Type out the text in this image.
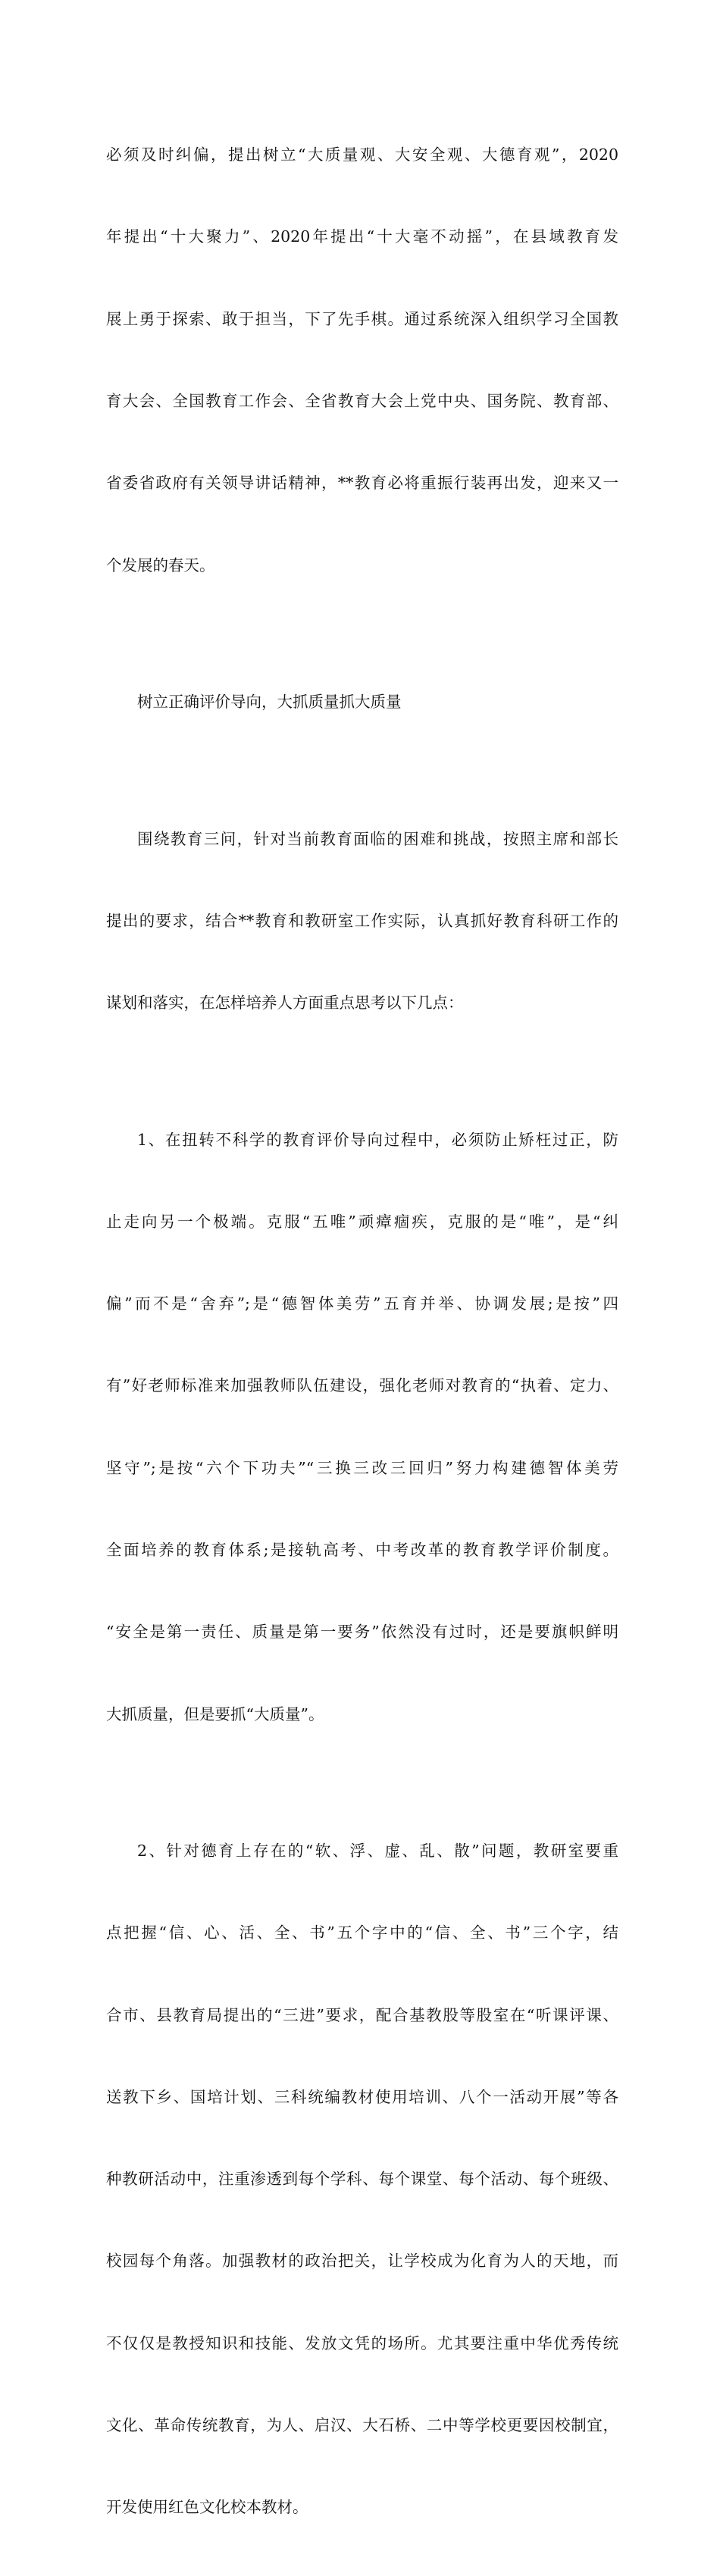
必须及时纠偏，提出树立“大质量观、大安全观、大德育观”，2020

年提出“十大聚力”、2020年提出“十大毫不动摇”，在县域教育发

展上勇于探索、敢于担当，下了先手棋。通过系统深入组织学习全国教

育大会、全国教育工作会、全省教育大会上党中央、国务院、教育部、

省委省政府有关领导讲话精神，**教育必将重振行装再出发，迎来又一

个发展的春天。

树立正确评价导向，大抓质量抓大质量

围绕教育三问，针对当前教育面临的困难和挑战，按照主席和部长

提出的要求，结合**教育和教研室工作实际，认真抓好教育科研工作的

谋划和落实，在怎样培养人方面重点思考以下几点：

1、在扭转不科学的教育评价导向过程中，必须防止矫枉过正，防

止走向另一个极端。克服“五唯”顽瘴痼疾，克服的是“唯”，是“纠

偏”而不是“舍弃”;是“德智体美劳”五育并举、协调发展;是按”四

有”好老师标准来加强教师队伍建设，强化老师对教育的“执着、定力、

坚守”;是按“六个下功夫”“三换三改三回归”努力构建德智体美劳

全面培养的教育体系;是接轨高考、中考改革的教育教学评价制度。

“安全是第一责任、质量是第一要务”依然没有过时，还是要旗帜鲜明

大抓质量，但是要抓“大质量”。

2、针对德育上存在的“软、浮、虚、乱、散”问题，教研室要重

点把握“信、心、活、全、书”五个字中的“信、全、书”三个字，结

合市、县教育局提出的“三进”要求，配合基教股等股室在“听课评课、

送教下乡、国培计划、三科统编教材使用培训、八个一活动开展”等各

种教研活动中，注重渗透到每个学科、每个课堂、每个活动、每个班级、

校园每个角落。加强教材的政治把关，让学校成为化育为人的天地，而

不仅仅是教授知识和技能、发放文凭的场所。尤其要注重中华优秀传统

文化、革命传统教育，为人、启汉、大石桥、二中等学校更要因校制宜，

开发使用红色文化校本教材。
